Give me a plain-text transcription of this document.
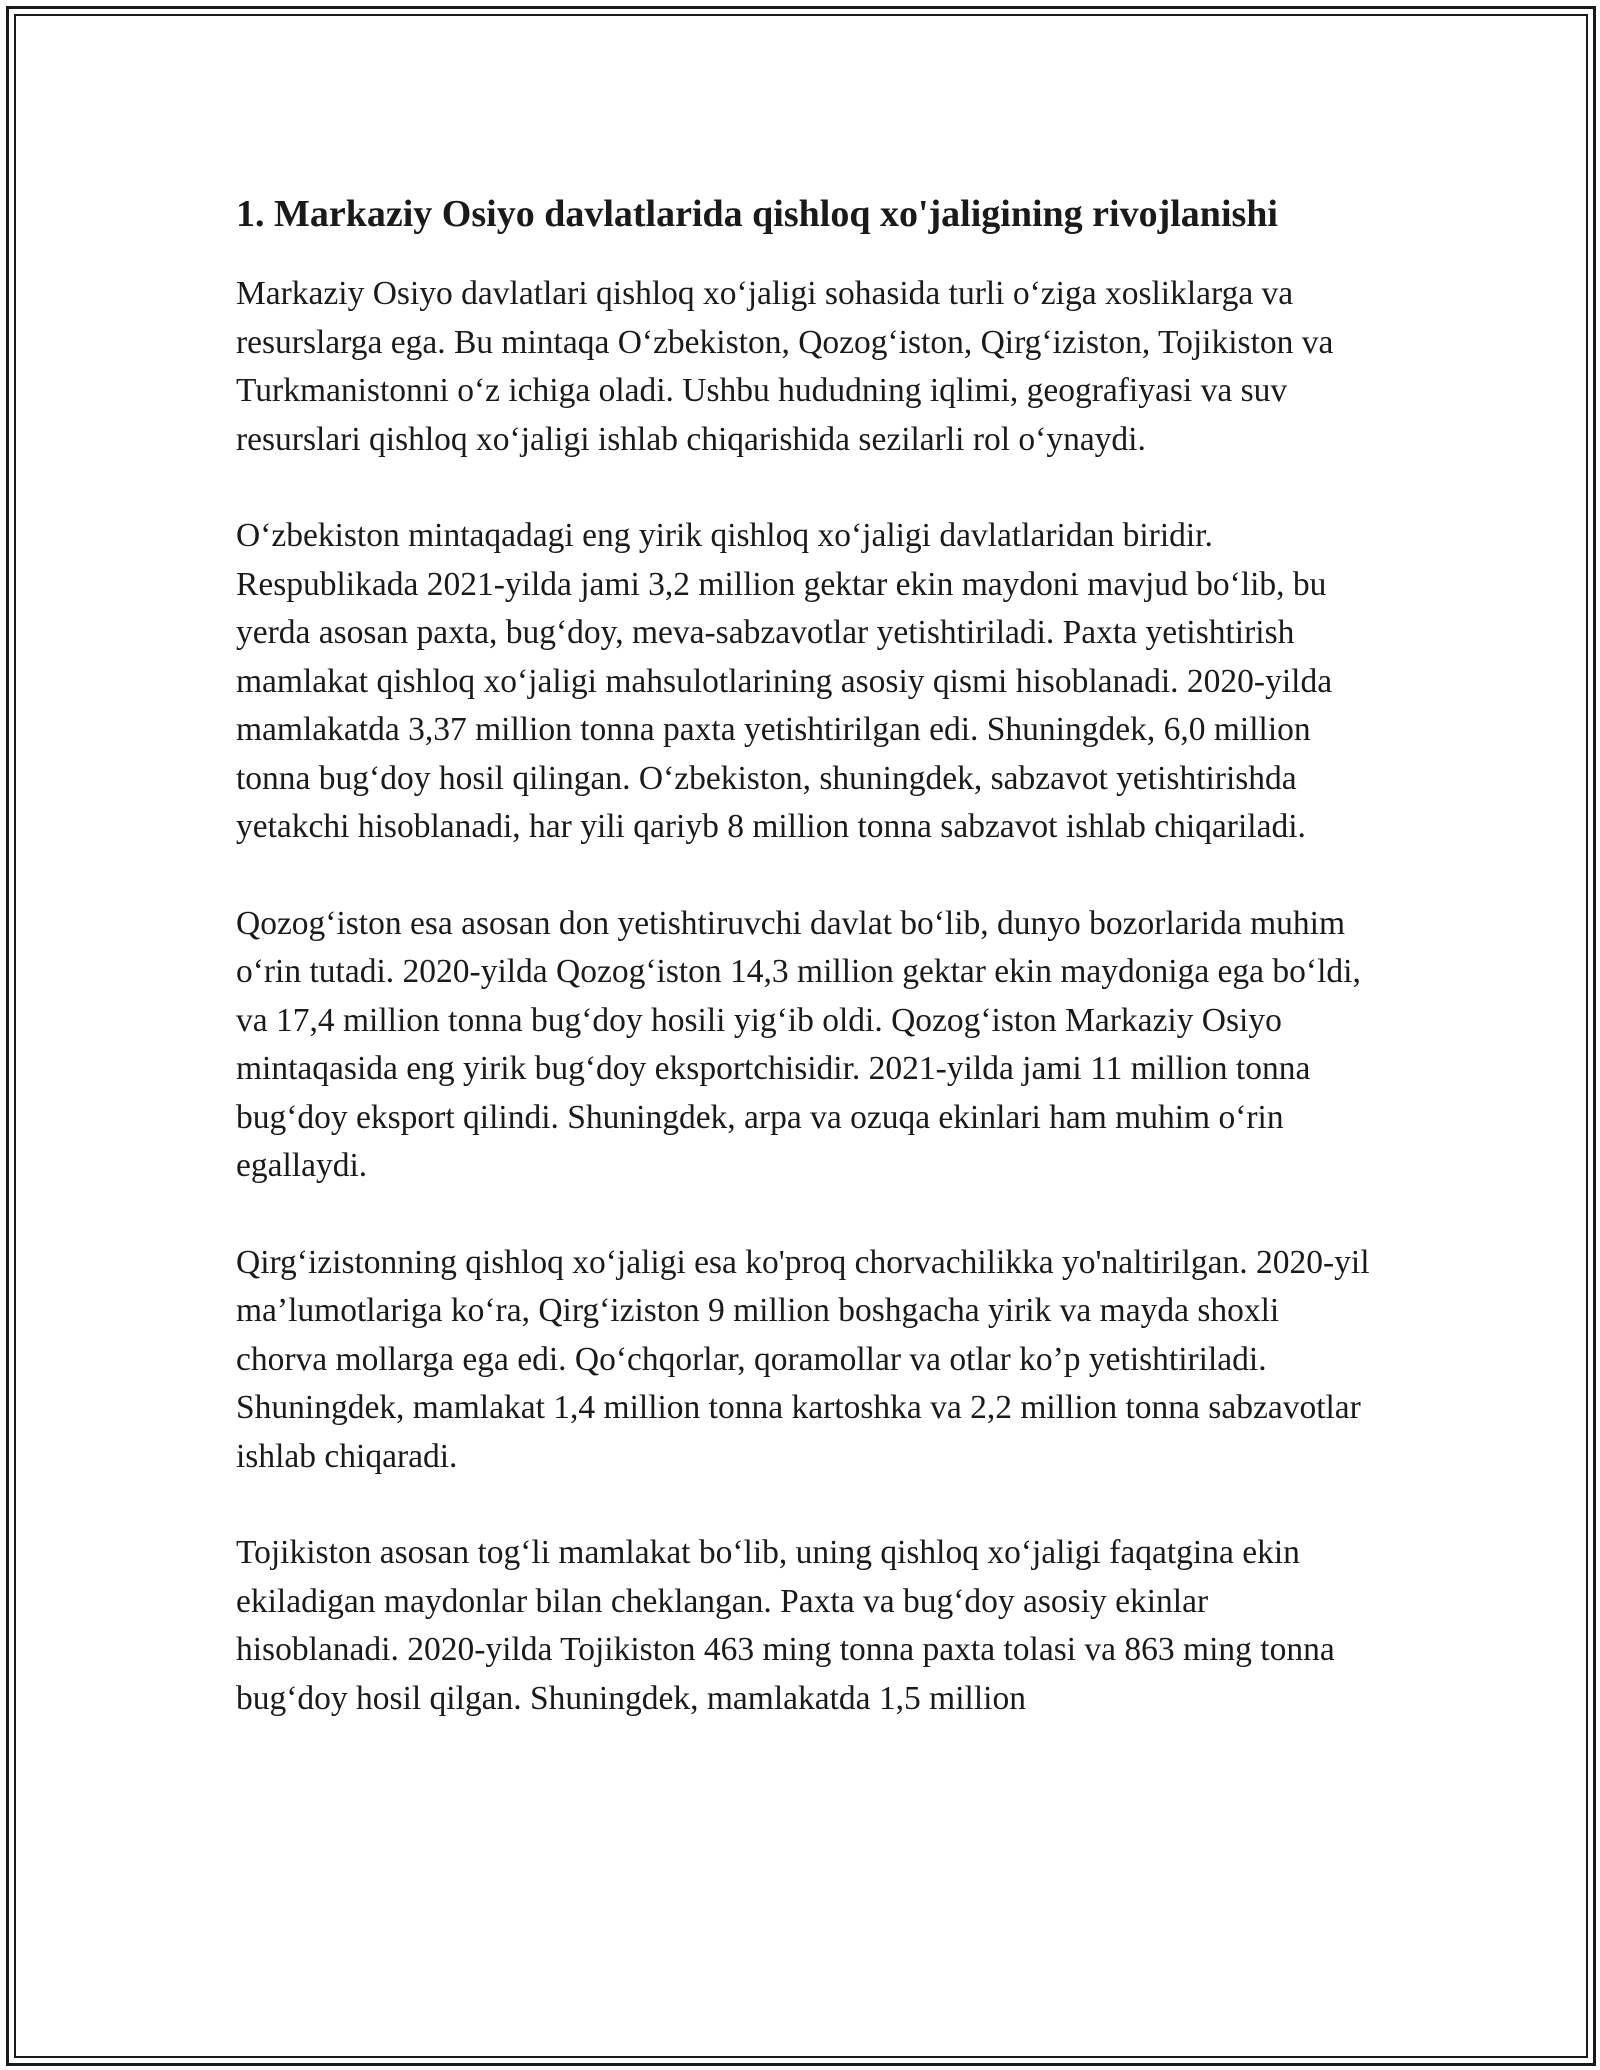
1. Markaziy Osiyo davlatlarida qishloq xo'jaligining rivojlanishi

Markaziy Osiyo davlatlari qishloq xo‘jaligi sohasida turli o‘ziga xosliklarga va resurslarga ega. Bu mintaqa O‘zbekiston, Qozog‘iston, Qirg‘iziston, Tojikiston va Turkmanistonni o‘z ichiga oladi. Ushbu hududning iqlimi, geografiyasi va suv resurslari qishloq xo‘jaligi ishlab chiqarishida sezilarli rol o‘ynaydi.

O‘zbekiston mintaqadagi eng yirik qishloq xo‘jaligi davlatlaridan biridir. Respublikada 2021-yilda jami 3,2 million gektar ekin maydoni mavjud bo‘lib, bu yerda asosan paxta, bug‘doy, meva-sabzavotlar yetishtiriladi. Paxta yetishtirish mamlakat qishloq xo‘jaligi mahsulotlarining asosiy qismi hisoblanadi. 2020-yilda mamlakatda 3,37 million tonna paxta yetishtirilgan edi. Shuningdek, 6,0 million tonna bug‘doy hosil qilingan. O‘zbekiston, shuningdek, sabzavot yetishtirishda yetakchi hisoblanadi, har yili qariyb 8 million tonna sabzavot ishlab chiqariladi.

Qozog‘iston esa asosan don yetishtiruvchi davlat bo‘lib, dunyo bozorlarida muhim o‘rin tutadi. 2020-yilda Qozog‘iston 14,3 million gektar ekin maydoniga ega bo‘ldi, va 17,4 million tonna bug‘doy hosili yig‘ib oldi. Qozog‘iston Markaziy Osiyo mintaqasida eng yirik bug‘doy eksportchisidir. 2021-yilda jami 11 million tonna bug‘doy eksport qilindi. Shuningdek, arpa va ozuqa ekinlari ham muhim o‘rin egallaydi.

Qirg‘izistonning qishloq xo‘jaligi esa ko'proq chorvachilikka yo'naltirilgan. 2020-yil ma’lumotlariga ko‘ra, Qirg‘iziston 9 million boshgacha yirik va mayda shoxli chorva mollarga ega edi. Qo‘chqorlar, qoramollar va otlar ko’p yetishtiriladi. Shuningdek, mamlakat 1,4 million tonna kartoshka va 2,2 million tonna sabzavotlar ishlab chiqaradi.

Tojikiston asosan tog‘li mamlakat bo‘lib, uning qishloq xo‘jaligi faqatgina ekin ekiladigan maydonlar bilan cheklangan. Paxta va bug‘doy asosiy ekinlar hisoblanadi. 2020-yilda Tojikiston 463 ming tonna paxta tolasi va 863 ming tonna bug‘doy hosil qilgan. Shuningdek, mamlakatda 1,5 million
